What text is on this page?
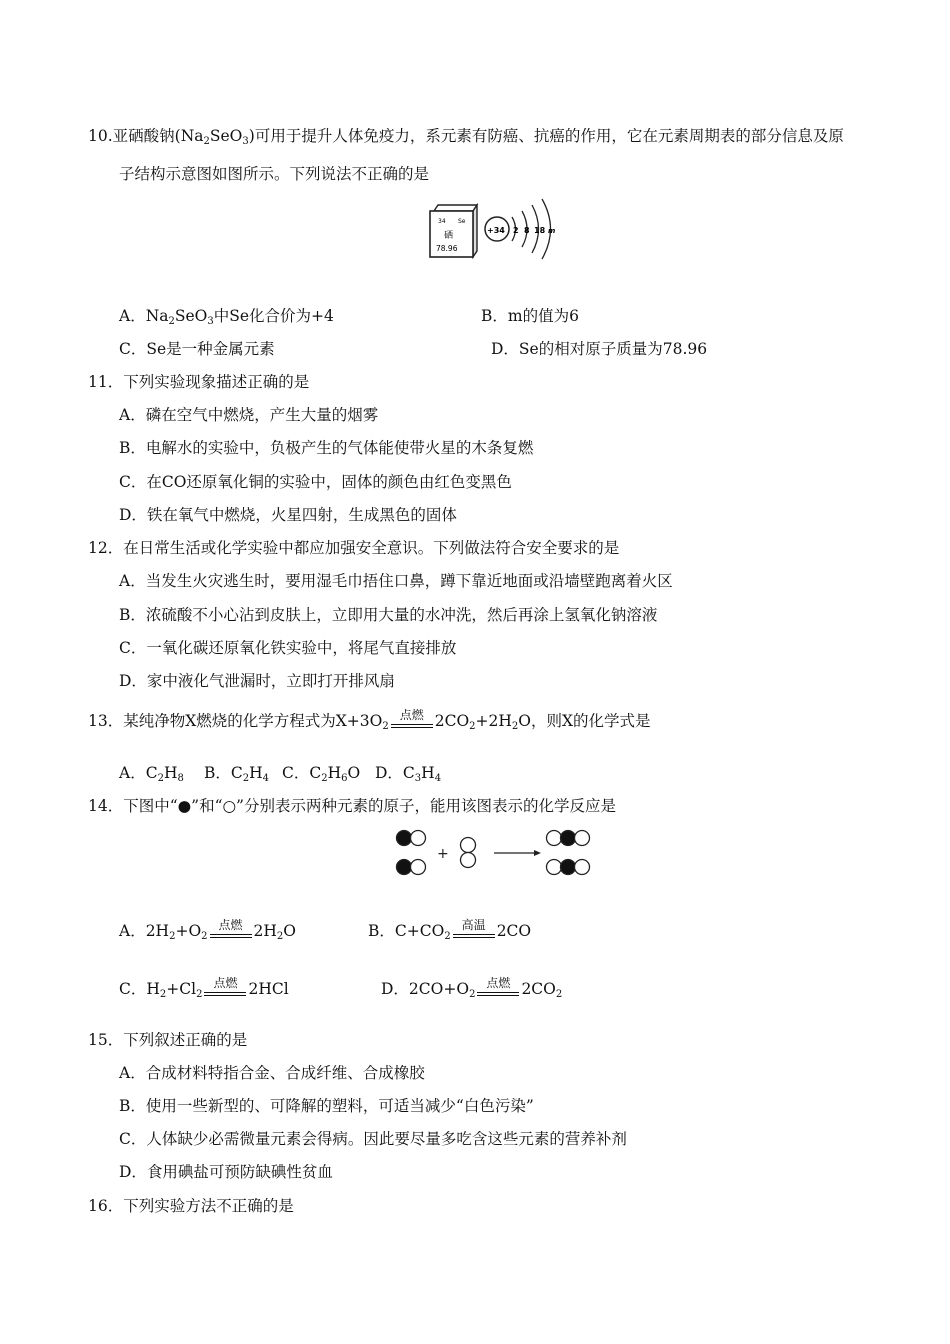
10.亚硒酸钠$(Na_2SeO_3)$可用于提升人体免疫力，系元素有防癌、抗癌的作用，它在元素周期表的部分信息及原
子结构示意图如图所示。下列说法不正确的是
34 Se
硒
78.96
+34 2 8 18 m
A．$Na_2SeO_3$中Se化合价为+4	B．m的值为6
C．Se是一种金属元素	D．Se的相对原子质量为78.96
11．下列实验现象描述正确的是
A．磷在空气中燃烧，产生大量的烟雾
B．电解水的实验中，负极产生的气体能使带火星的木条复燃
C．在CO还原氧化铜的实验中，固体的颜色由红色变黑色
D．铁在氧气中燃烧，火星四射，生成黑色的固体
12．在日常生活或化学实验中都应加强安全意识。下列做法符合安全要求的是
A．当发生火灾逃生时，要用湿毛巾捂住口鼻，蹲下靠近地面或沿墙壁跑离着火区
B．浓硫酸不小心沾到皮肤上，立即用大量的水冲洗，然后再涂上氢氧化钠溶液
C．一氧化碳还原氧化铁实验中，将尾气直接排放
D．家中液化气泄漏时，立即打开排风扇
13．某纯净物X燃烧的化学方程式为$X+3O_2$
点燃 $2CO_2+2H_2O$，则X的化学式是
A．$C_2H_8$ B．$C_2H_4$ C．$C_2H_6O$ D．$C_3H_4$
14．下图中“●”和“○”分别表示两种元素的原子，能用该图表示的化学反应是
+
A．$2H_2+O_2$
点燃 $2H_2O$	B．$C+CO_2$
高温 2CO
C．$H_2+Cl_2$
点燃 2HCl	D．$2CO+O_2$
点燃 $2CO_2$
15．下列叙述正确的是
A．合成材料特指合金、合成纤维、合成橡胶
B．使用一些新型的、可降解的塑料，可适当减少“白色污染”
C．人体缺少必需微量元素会得病。因此要尽量多吃含这些元素的营养补剂
D．食用碘盐可预防缺碘性贫血
16．下列实验方法不正确的是
